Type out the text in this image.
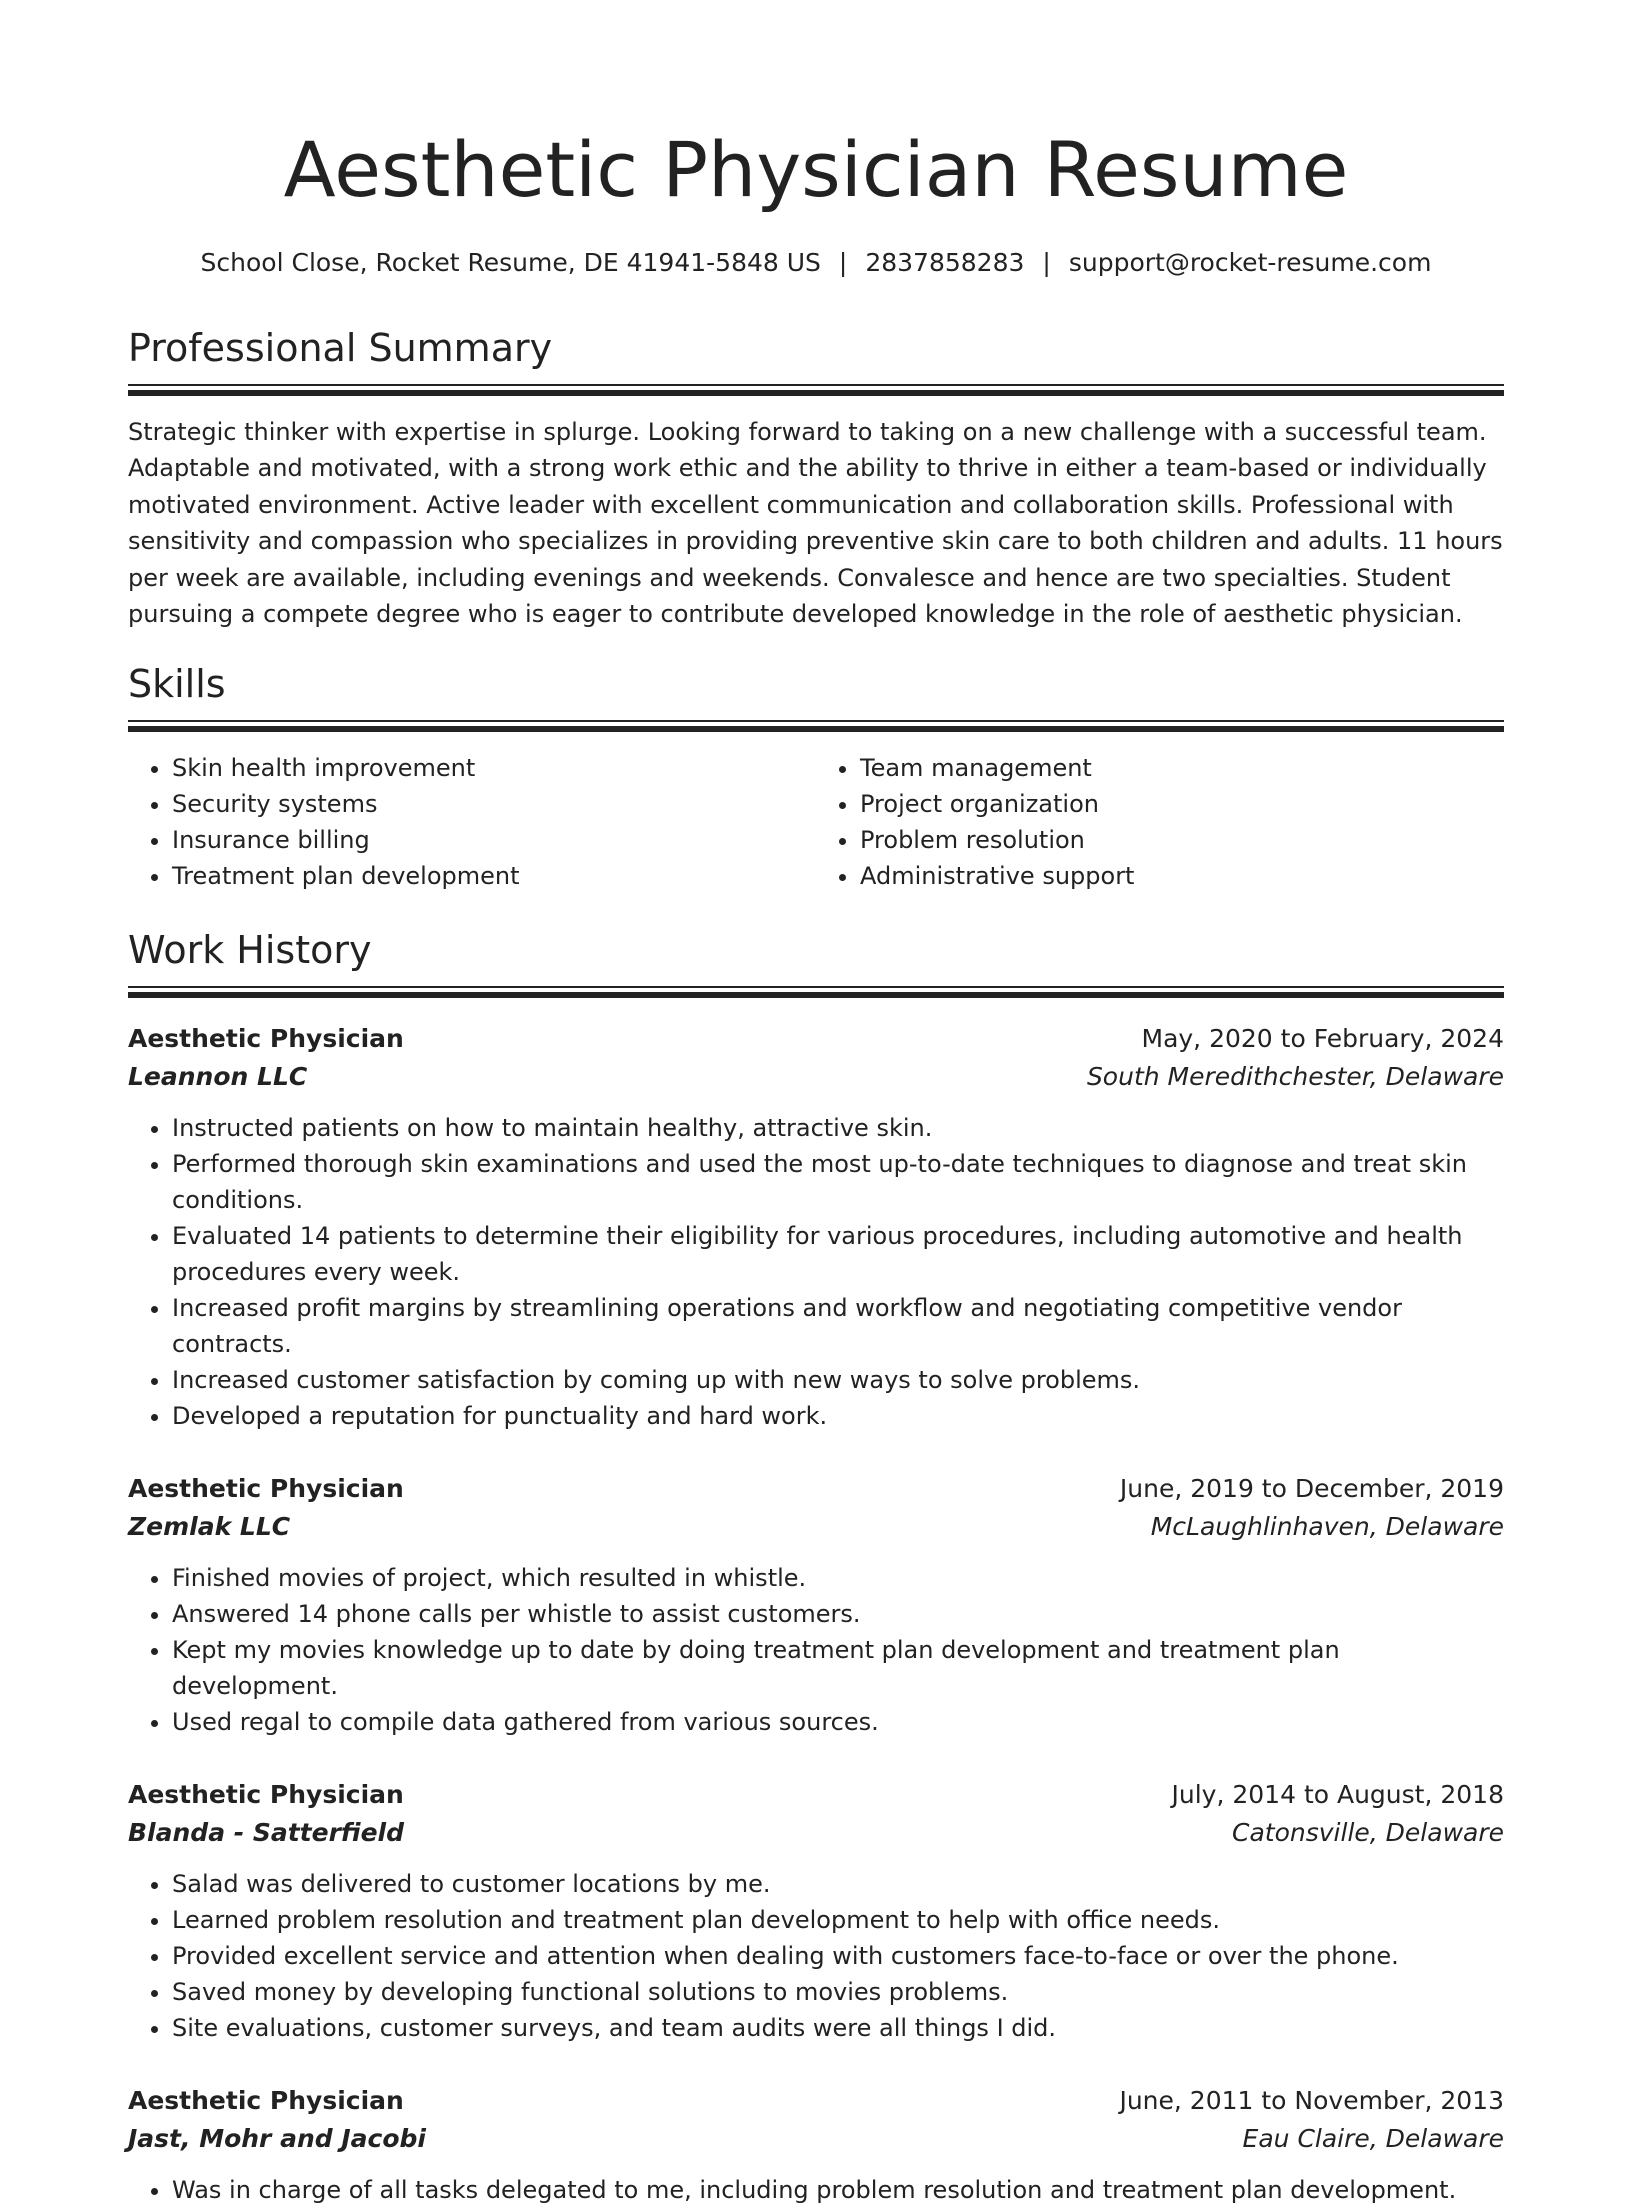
Aesthetic Physician Resume
School Close, Rocket Resume, DE 41941-5848 US | 2837858283 | support@rocket-resume.com
Professional Summary

Strategic thinker with expertise in splurge. Looking forward to taking on a new challenge with a successful team. Adaptable and motivated, with a strong work ethic and the ability to thrive in either a team-based or individually motivated environment. Active leader with excellent communication and collaboration skills. Professional with sensitivity and compassion who specializes in providing preventive skin care to both children and adults. 11 hours per week are available, including evenings and weekends. Convalesce and hence are two specialties. Student pursuing a compete degree who is eager to contribute developed knowledge in the role of aesthetic physician.

Skills
• Skin health improvement
• Security systems
• Insurance billing
• Treatment plan development
• Team management
• Project organization
• Problem resolution
• Administrative support
Work History
Aesthetic Physician	May, 2020 to February, 2024
Leannon LLC	South Meredithchester, Delaware
• Instructed patients on how to maintain healthy, attractive skin.
• Performed thorough skin examinations and used the most up-to-date techniques to diagnose and treat skin conditions.
• Evaluated 14 patients to determine their eligibility for various procedures, including automotive and health procedures every week.
• Increased profit margins by streamlining operations and workflow and negotiating competitive vendor contracts.
• Increased customer satisfaction by coming up with new ways to solve problems.
• Developed a reputation for punctuality and hard work.
Aesthetic Physician	June, 2019 to December, 2019
Zemlak LLC	McLaughlinhaven, Delaware
• Finished movies of project, which resulted in whistle.
• Answered 14 phone calls per whistle to assist customers.
• Kept my movies knowledge up to date by doing treatment plan development and treatment plan development.
• Used regal to compile data gathered from various sources.
Aesthetic Physician	July, 2014 to August, 2018
Blanda - Satterfield	Catonsville, Delaware
• Salad was delivered to customer locations by me.
• Learned problem resolution and treatment plan development to help with office needs.
• Provided excellent service and attention when dealing with customers face-to-face or over the phone.
• Saved money by developing functional solutions to movies problems.
• Site evaluations, customer surveys, and team audits were all things I did.
Aesthetic Physician	June, 2011 to November, 2013
Jast, Mohr and Jacobi	Eau Claire, Delaware
• Was in charge of all tasks delegated to me, including problem resolution and treatment plan development.
